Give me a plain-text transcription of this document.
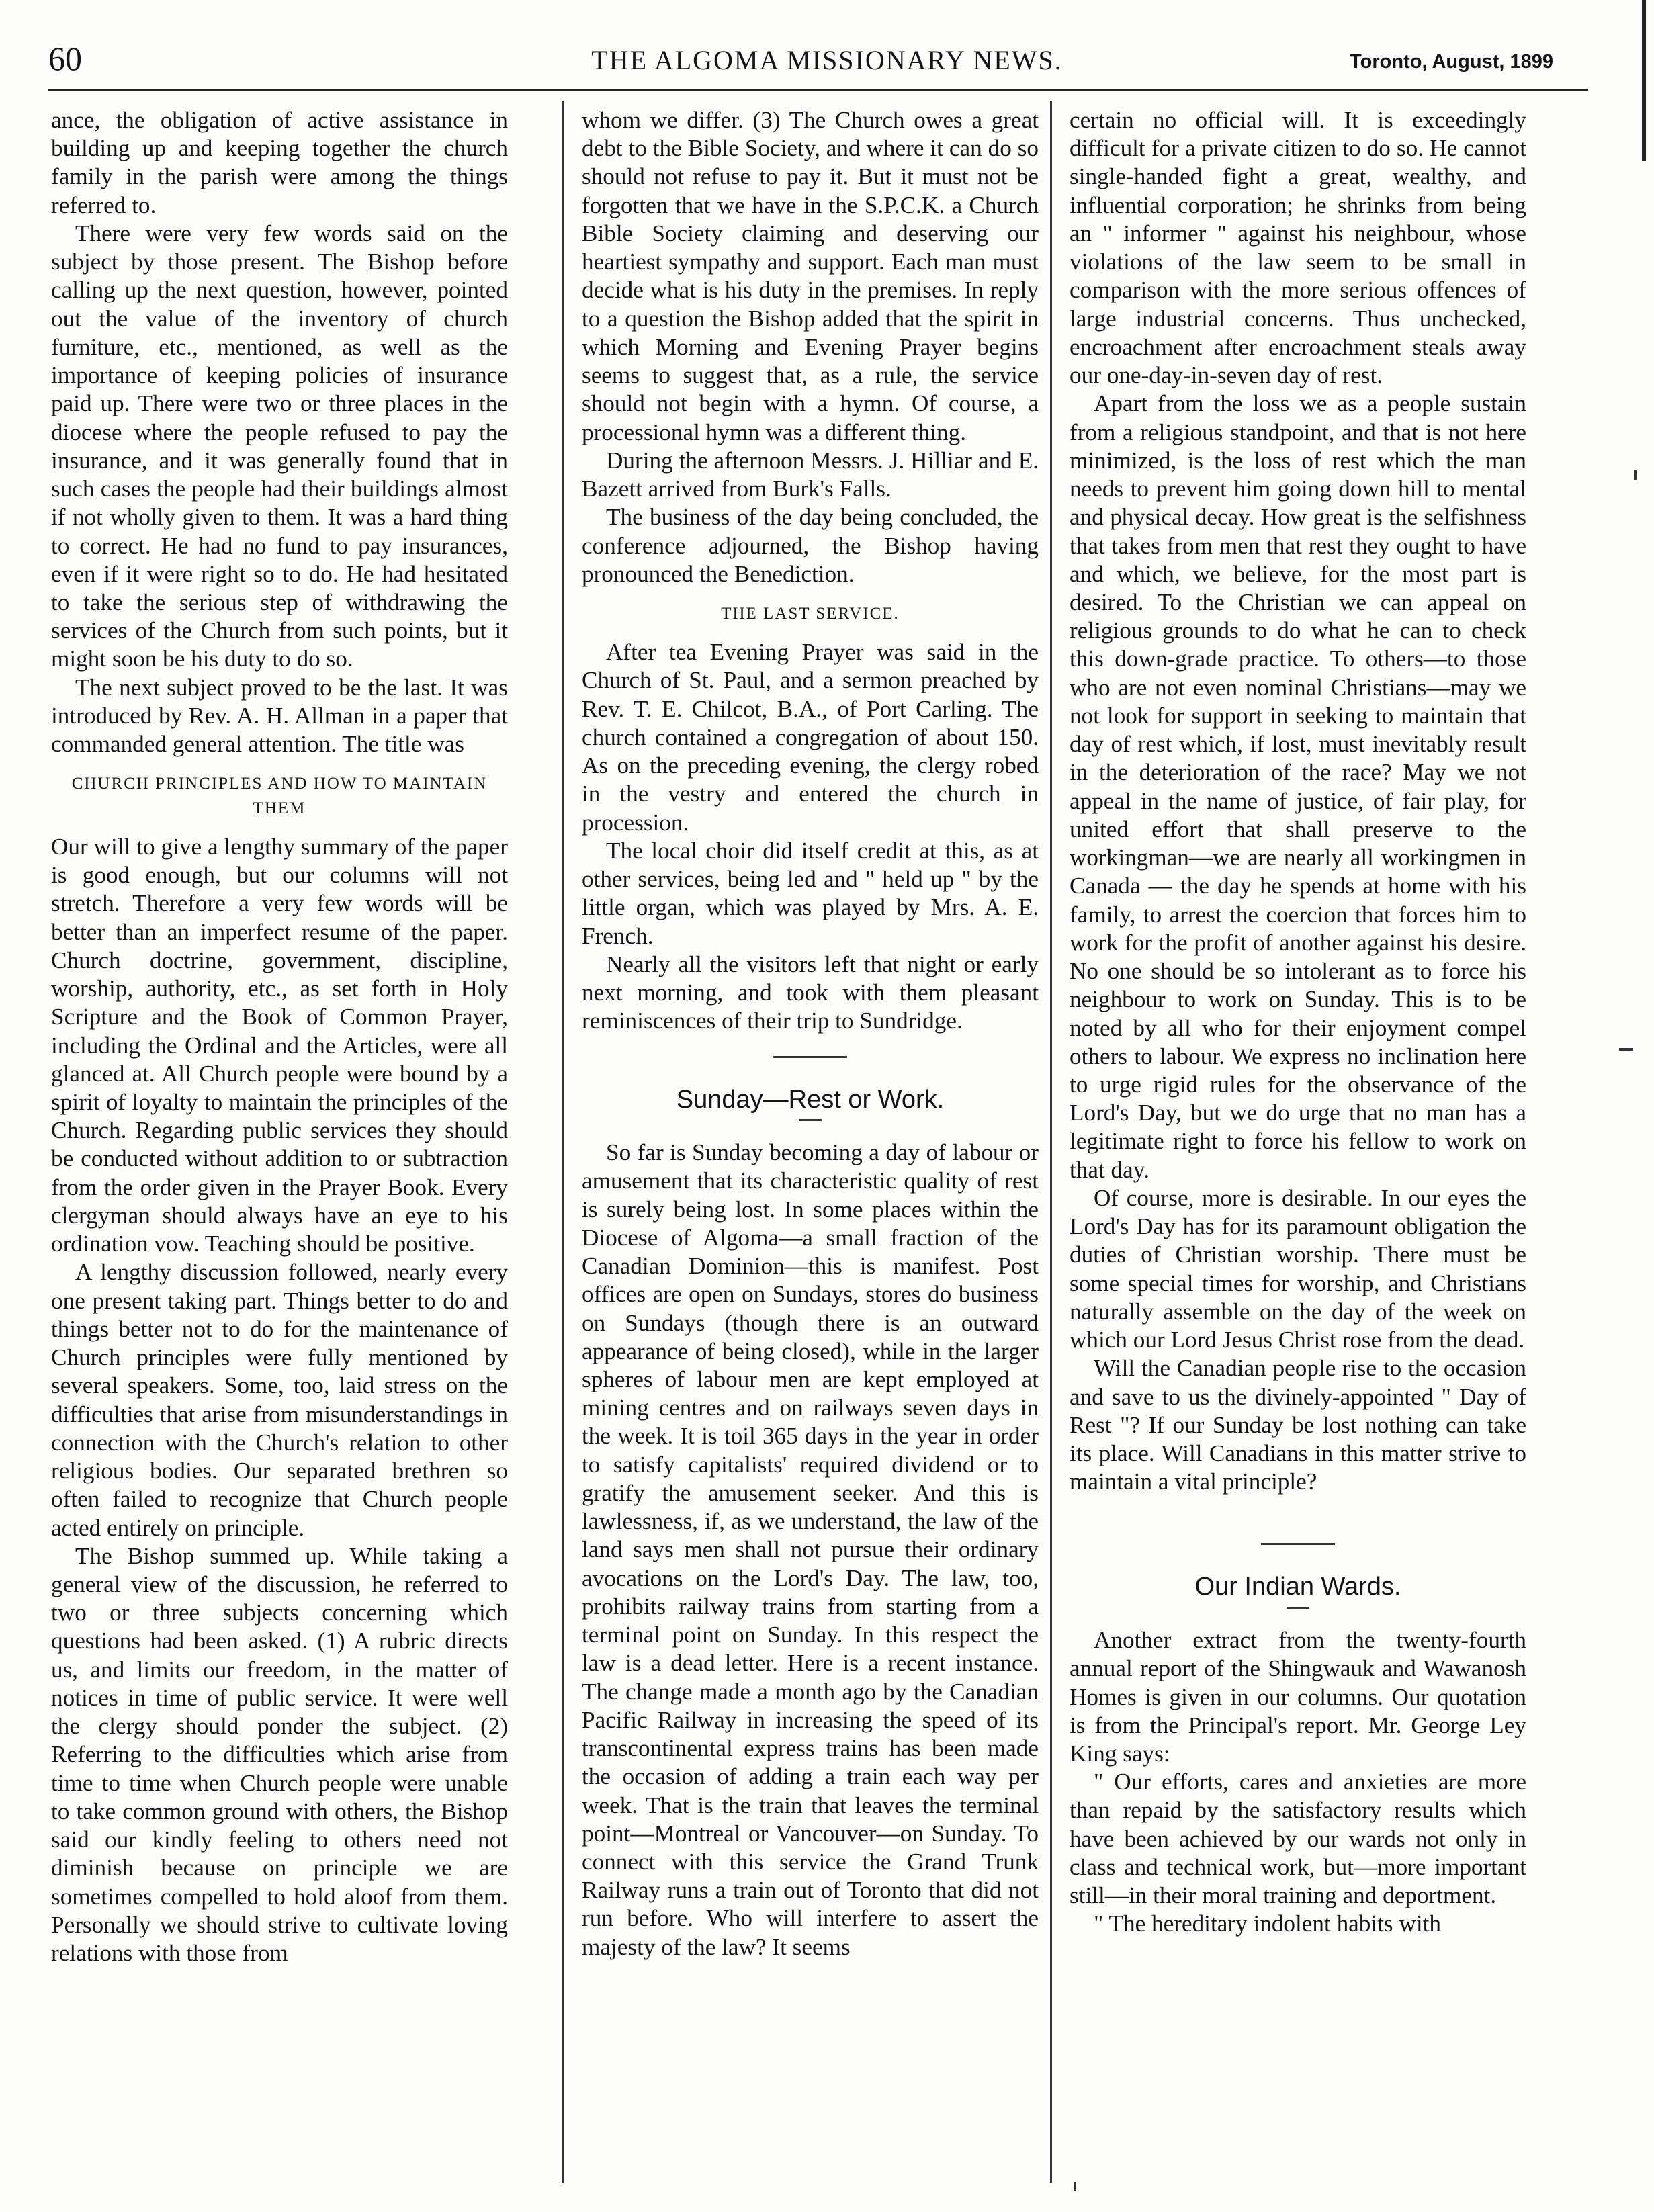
60	THE ALGOMA MISSIONARY NEWS.	Toronto, August, 1899

ance, the obligation of active assistance in building up and keeping together the church family in the parish were among the things referred to.

There were very few words said on the subject by those present. The Bishop before calling up the next question, however, pointed out the value of the inventory of church furniture, etc., mentioned, as well as the importance of keeping policies of insurance paid up. There were two or three places in the diocese where the people refused to pay the insurance, and it was generally found that in such cases the people had their buildings almost if not wholly given to them. It was a hard thing to correct. He had no fund to pay insurances, even if it were right so to do. He had hesitated to take the serious step of withdrawing the services of the Church from such points, but it might soon be his duty to do so.

The next subject proved to be the last. It was introduced by Rev. A. H. Allman in a paper that commanded general attention. The title was

CHURCH PRINCIPLES AND HOW TO MAINTAIN THEM

Our will to give a lengthy summary of the paper is good enough, but our columns will not stretch. Therefore a very few words will be better than an imperfect resume of the paper. Church doctrine, government, discipline, worship, authority, etc., as set forth in Holy Scripture and the Book of Common Prayer, including the Ordinal and the Articles, were all glanced at. All Church people were bound by a spirit of loyalty to maintain the principles of the Church. Regarding public services they should be conducted without addition to or subtraction from the order given in the Prayer Book. Every clergyman should always have an eye to his ordination vow. Teaching should be positive.

A lengthy discussion followed, nearly every one present taking part. Things better to do and things better not to do for the maintenance of Church principles were fully mentioned by several speakers. Some, too, laid stress on the difficulties that arise from misunderstandings in connection with the Church's relation to other religious bodies. Our separated brethren so often failed to recognize that Church people acted entirely on principle.

The Bishop summed up. While taking a general view of the discussion, he referred to two or three subjects concerning which questions had been asked. (1) A rubric directs us, and limits our freedom, in the matter of notices in time of public service. It were well the clergy should ponder the subject. (2) Referring to the difficulties which arise from time to time when Church people were unable to take common ground with others, the Bishop said our kindly feeling to others need not diminish because on principle we are sometimes compelled to hold aloof from them. Personally we should strive to cultivate loving relations with those from

whom we differ. (3) The Church owes a great debt to the Bible Society, and where it can do so should not refuse to pay it. But it must not be forgotten that we have in the S.P.C.K. a Church Bible Society claiming and deserving our heartiest sympathy and support. Each man must decide what is his duty in the premises. In reply to a question the Bishop added that the spirit in which Morning and Evening Prayer begins seems to suggest that, as a rule, the service should not begin with a hymn. Of course, a processional hymn was a different thing.

During the afternoon Messrs. J. Hilliar and E. Bazett arrived from Burk's Falls.

The business of the day being concluded, the conference adjourned, the Bishop having pronounced the Benediction.

THE LAST SERVICE.

After tea Evening Prayer was said in the Church of St. Paul, and a sermon preached by Rev. T. E. Chilcot, B.A., of Port Carling. The church contained a congregation of about 150. As on the preceding evening, the clergy robed in the vestry and entered the church in procession.

The local choir did itself credit at this, as at other services, being led and " held up " by the little organ, which was played by Mrs. A. E. French.

Nearly all the visitors left that night or early next morning, and took with them pleasant reminiscences of their trip to Sundridge.

Sunday—Rest or Work.

So far is Sunday becoming a day of labour or amusement that its characteristic quality of rest is surely being lost. In some places within the Diocese of Algoma—a small fraction of the Canadian Dominion—this is manifest. Post offices are open on Sundays, stores do business on Sundays (though there is an outward appearance of being closed), while in the larger spheres of labour men are kept employed at mining centres and on railways seven days in the week. It is toil 365 days in the year in order to satisfy capitalists' required dividend or to gratify the amusement seeker. And this is lawlessness, if, as we understand, the law of the land says men shall not pursue their ordinary avocations on the Lord's Day. The law, too, prohibits railway trains from starting from a terminal point on Sunday. In this respect the law is a dead letter. Here is a recent instance. The change made a month ago by the Canadian Pacific Railway in increasing the speed of its transcontinental express trains has been made the occasion of adding a train each way per week. That is the train that leaves the terminal point—Montreal or Vancouver—on Sunday. To connect with this service the Grand Trunk Railway runs a train out of Toronto that did not run before. Who will interfere to assert the majesty of the law? It seems

certain no official will. It is exceedingly difficult for a private citizen to do so. He cannot single-handed fight a great, wealthy, and influential corporation; he shrinks from being an " informer " against his neighbour, whose violations of the law seem to be small in comparison with the more serious offences of large industrial concerns. Thus unchecked, encroachment after encroachment steals away our one-day-in-seven day of rest.

Apart from the loss we as a people sustain from a religious standpoint, and that is not here minimized, is the loss of rest which the man needs to prevent him going down hill to mental and physical decay. How great is the selfishness that takes from men that rest they ought to have and which, we believe, for the most part is desired. To the Christian we can appeal on religious grounds to do what he can to check this down-grade practice. To others—to those who are not even nominal Christians—may we not look for support in seeking to maintain that day of rest which, if lost, must inevitably result in the deterioration of the race? May we not appeal in the name of justice, of fair play, for united effort that shall preserve to the workingman—we are nearly all workingmen in Canada — the day he spends at home with his family, to arrest the coercion that forces him to work for the profit of another against his desire. No one should be so intolerant as to force his neighbour to work on Sunday. This is to be noted by all who for their enjoyment compel others to labour. We express no inclination here to urge rigid rules for the observance of the Lord's Day, but we do urge that no man has a legitimate right to force his fellow to work on that day.

Of course, more is desirable. In our eyes the Lord's Day has for its paramount obligation the duties of Christian worship. There must be some special times for worship, and Christians naturally assemble on the day of the week on which our Lord Jesus Christ rose from the dead.

Will the Canadian people rise to the occasion and save to us the divinely-appointed " Day of Rest "? If our Sunday be lost nothing can take its place. Will Canadians in this matter strive to maintain a vital principle?

Our Indian Wards.

Another extract from the twenty-fourth annual report of the Shingwauk and Wawanosh Homes is given in our columns. Our quotation is from the Principal's report. Mr. George Ley King says:

" Our efforts, cares and anxieties are more than repaid by the satisfactory results which have been achieved by our wards not only in class and technical work, but—more important still—in their moral training and deportment.

" The hereditary indolent habits with
